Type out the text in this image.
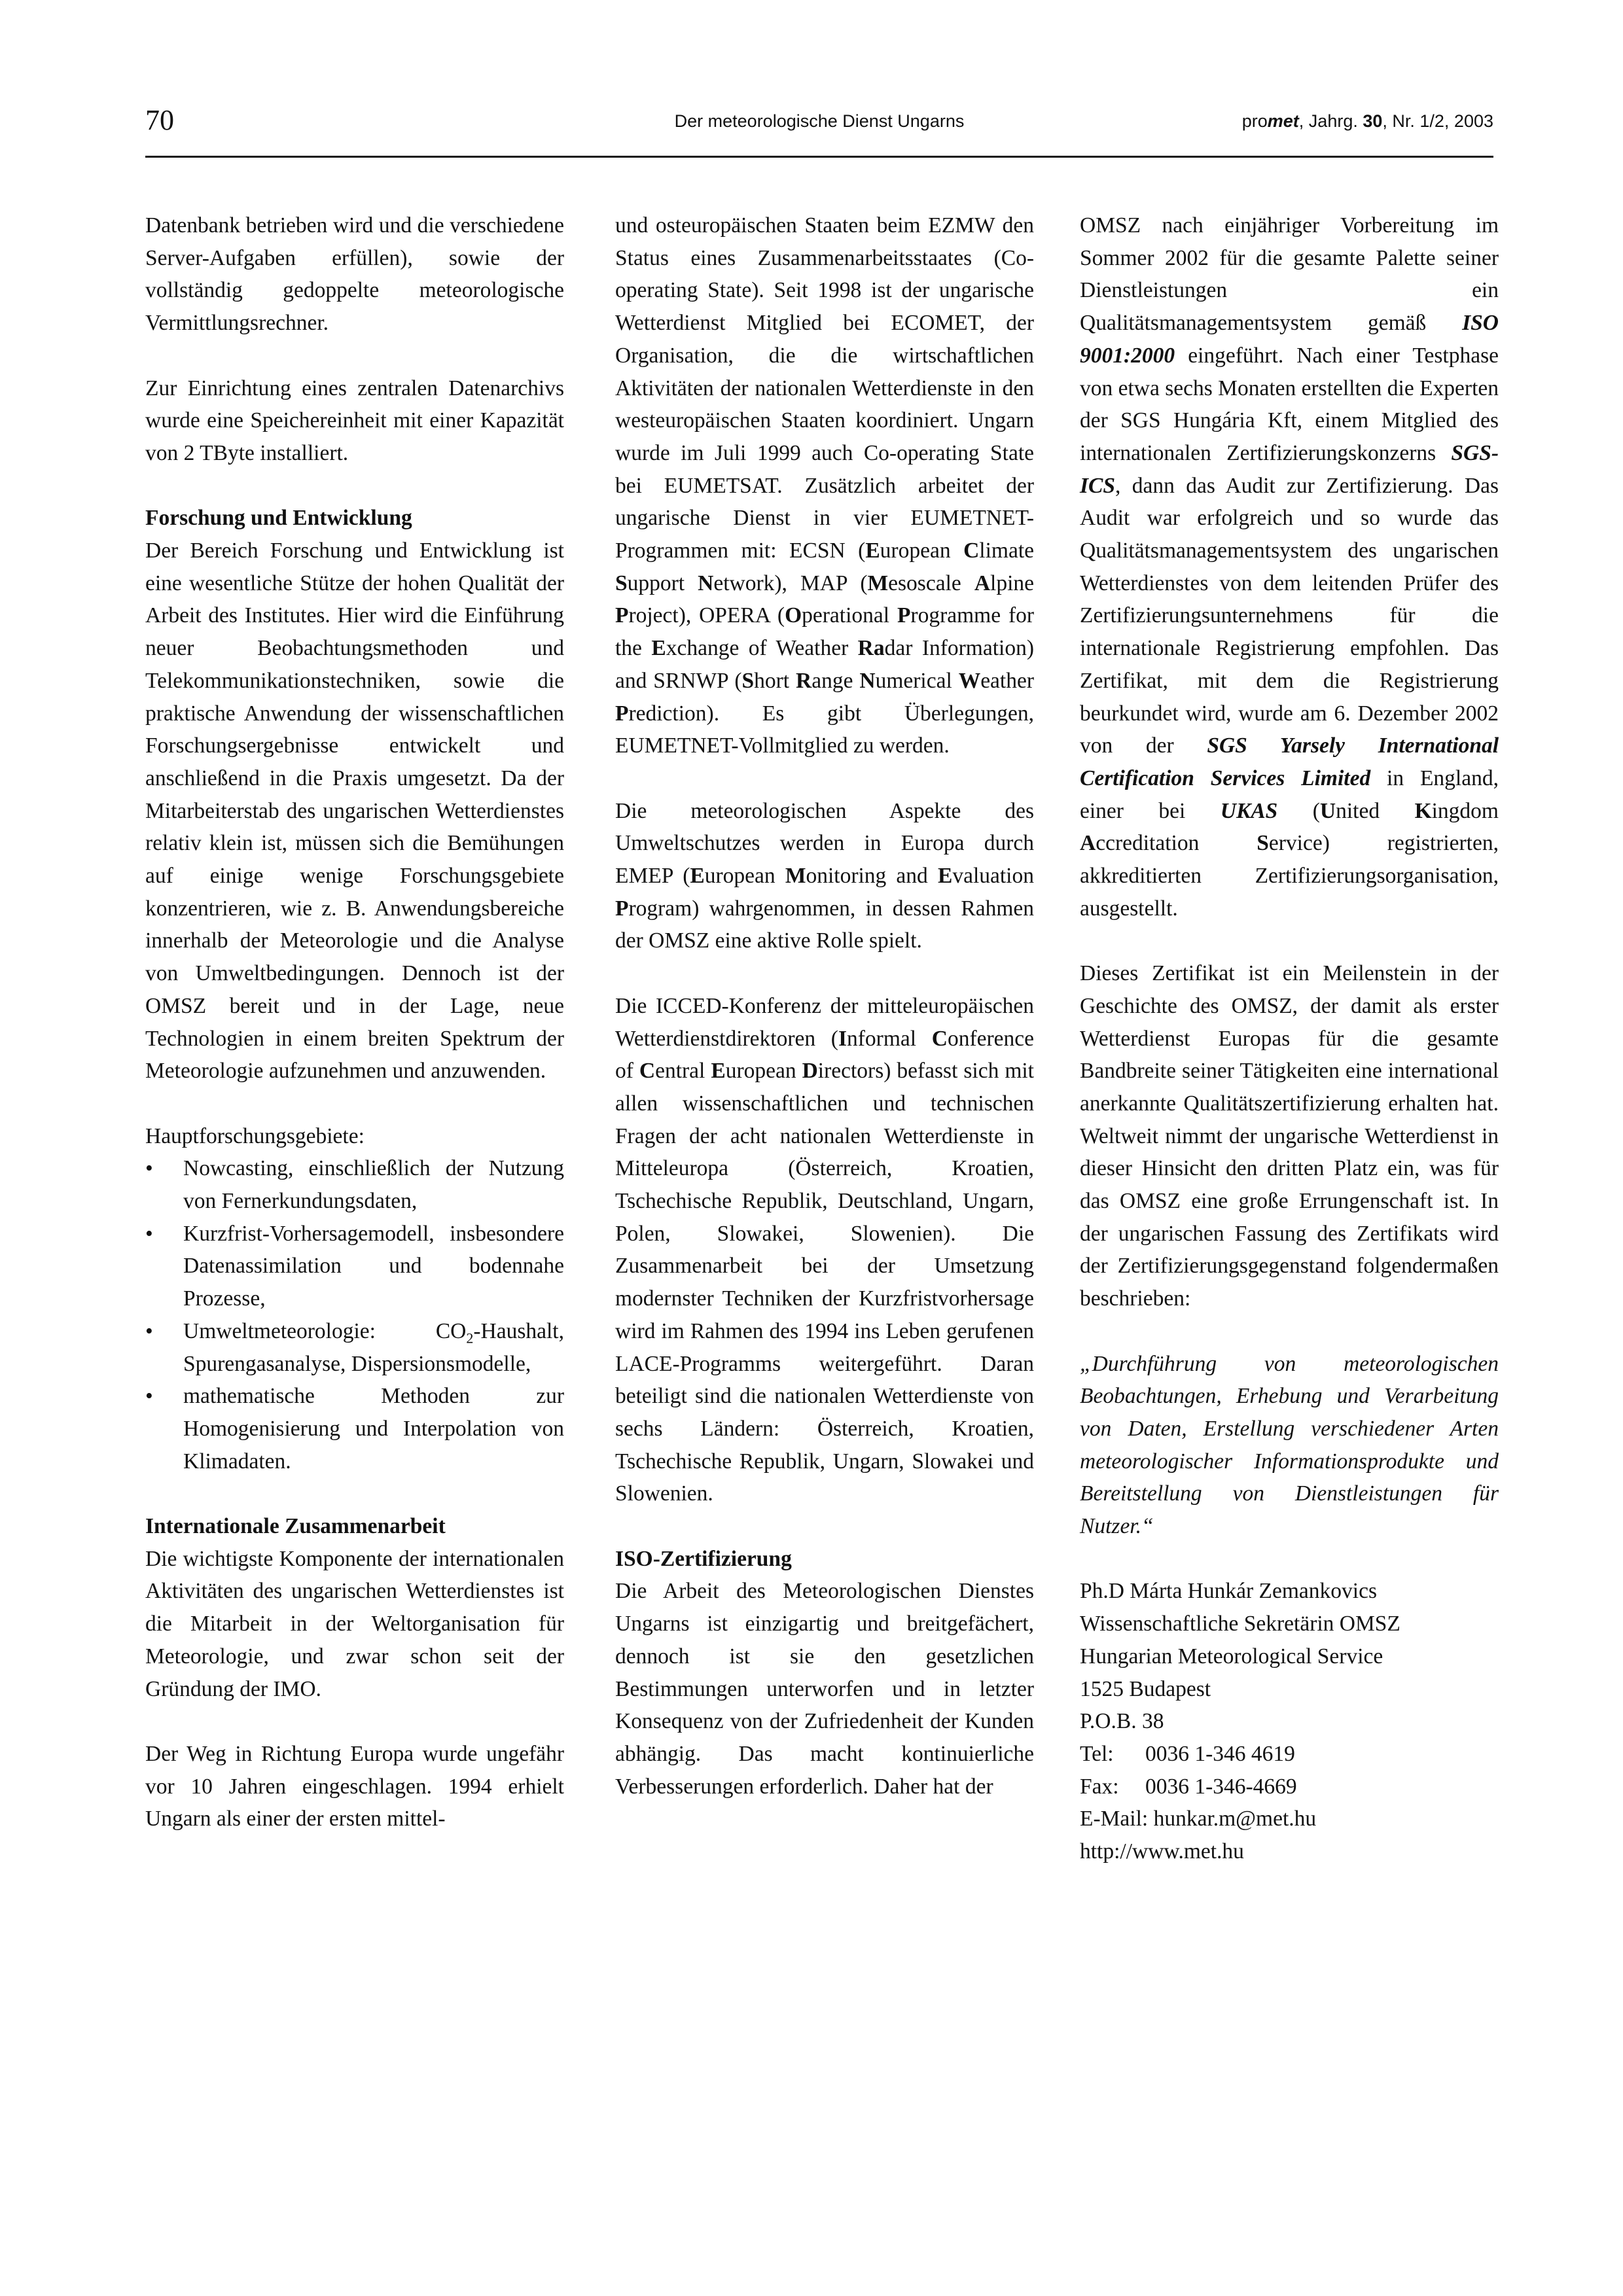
70	Der meteorologische Dienst Ungarns	promet, Jahrg. 30, Nr. 1/2, 2003

Datenbank betrieben wird und die verschiedene Server-Aufgaben erfüllen), sowie der vollständig gedoppelte meteorologische Vermittlungsrechner.

Zur Einrichtung eines zentralen Datenarchivs wurde eine Speichereinheit mit einer Kapazität von 2 TByte installiert.

Forschung und Entwicklung

Der Bereich Forschung und Entwicklung ist eine wesentliche Stütze der hohen Qualität der Arbeit des Institutes. Hier wird die Einführung neuer Beobachtungsmethoden und Telekommunikationstechniken, sowie die praktische Anwendung der wissenschaftlichen Forschungsergebnisse entwickelt und anschließend in die Praxis umgesetzt. Da der Mitarbeiterstab des ungarischen Wetterdienstes relativ klein ist, müssen sich die Bemühungen auf einige wenige Forschungsgebiete konzentrieren, wie z. B. Anwendungsbereiche innerhalb der Meteorologie und die Analyse von Umweltbedingungen. Dennoch ist der OMSZ bereit und in der Lage, neue Technologien in einem breiten Spektrum der Meteorologie aufzunehmen und anzuwenden.

Hauptforschungsgebiete:

• Nowcasting, einschließlich der Nutzung von Fernerkundungsdaten,
• Kurzfrist-Vorhersagemodell, insbesondere Datenassimilation und bodennahe Prozesse,
• Umweltmeteorologie: $CO_2$-Haushalt, Spurengasanalyse, Dispersionsmodelle,
• mathematische Methoden zur Homogenisierung und Interpolation von Klimadaten.
Internationale Zusammenarbeit

Die wichtigste Komponente der internationalen Aktivitäten des ungarischen Wetterdienstes ist die Mitarbeit in der Weltorganisation für Meteorologie, und zwar schon seit der Gründung der IMO.

Der Weg in Richtung Europa wurde ungefähr vor 10 Jahren eingeschlagen. 1994 erhielt Ungarn als einer der ersten mittel-

und osteuropäischen Staaten beim EZMW den Status eines Zusammenarbeitsstaates (Co-operating State). Seit 1998 ist der ungarische Wetterdienst Mitglied bei ECOMET, der Organisation, die die wirtschaftlichen Aktivitäten der nationalen Wetterdienste in den westeuropäischen Staaten koordiniert. Ungarn wurde im Juli 1999 auch Co-operating State bei EUMETSAT. Zusätzlich arbeitet der ungarische Dienst in vier EUMETNET-Programmen mit: ECSN (European Climate Support Network), MAP (Mesoscale Alpine Project), OPERA (Operational Programme for the Exchange of Weather Radar Information) and SRNWP (Short Range Numerical Weather Prediction). Es gibt Überlegungen, EUMETNET-Vollmitglied zu werden.

Die meteorologischen Aspekte des Umweltschutzes werden in Europa durch EMEP (European Monitoring and Evaluation Program) wahrgenommen, in dessen Rahmen der OMSZ eine aktive Rolle spielt.

Die ICCED-Konferenz der mitteleuropäischen Wetterdienstdirektoren (Informal Conference of Central European Directors) befasst sich mit allen wissenschaftlichen und technischen Fragen der acht nationalen Wetterdienste in Mitteleuropa (Österreich, Kroatien, Tschechische Republik, Deutschland, Ungarn, Polen, Slowakei, Slowenien). Die Zusammenarbeit bei der Umsetzung modernster Techniken der Kurzfristvorhersage wird im Rahmen des 1994 ins Leben gerufenen LACE-Programms weitergeführt. Daran beteiligt sind die nationalen Wetterdienste von sechs Ländern: Österreich, Kroatien, Tschechische Republik, Ungarn, Slowakei und Slowenien.

ISO-Zertifizierung

Die Arbeit des Meteorologischen Dienstes Ungarns ist einzigartig und breitgefächert, dennoch ist sie den gesetzlichen Bestimmungen unterworfen und in letzter Konsequenz von der Zufriedenheit der Kunden abhängig. Das macht kontinuierliche Verbesserungen erforderlich. Daher hat der

OMSZ nach einjähriger Vorbereitung im Sommer 2002 für die gesamte Palette seiner Dienstleistungen ein Qualitätsmanagementsystem gemäß ISO 9001:2000 eingeführt. Nach einer Testphase von etwa sechs Monaten erstellten die Experten der SGS Hungária Kft, einem Mitglied des internationalen Zertifizierungskonzerns SGS-ICS, dann das Audit zur Zertifizierung. Das Audit war erfolgreich und so wurde das Qualitätsmanagementsystem des ungarischen Wetterdienstes von dem leitenden Prüfer des Zertifizierungsunternehmens für die internationale Registrierung empfohlen. Das Zertifikat, mit dem die Registrierung beurkundet wird, wurde am 6. Dezember 2002 von der SGS Yarsely International Certification Services Limited in England, einer bei UKAS (United Kingdom Accreditation Service) registrierten, akkreditierten Zertifizierungsorganisation, ausgestellt.

Dieses Zertifikat ist ein Meilenstein in der Geschichte des OMSZ, der damit als erster Wetterdienst Europas für die gesamte Bandbreite seiner Tätigkeiten eine international anerkannte Qualitätszertifizierung erhalten hat. Weltweit nimmt der ungarische Wetterdienst in dieser Hinsicht den dritten Platz ein, was für das OMSZ eine große Errungenschaft ist. In der ungarischen Fassung des Zertifikats wird der Zertifizierungsgegenstand folgendermaßen beschrieben:

„Durchführung von meteorologischen Beobachtungen, Erhebung und Verarbeitung von Daten, Erstellung verschiedener Arten meteorologischer Informationsprodukte und Bereitstellung von Dienstleistungen für Nutzer.“

Ph.D Márta Hunkár Zemankovics
Wissenschaftliche Sekretärin OMSZ
Hungarian Meteorological Service
1525 Budapest
P.O.B. 38
Tel: 0036 1-346 4619
Fax: 0036 1-346-4669
E-Mail: hunkar.m@met.hu
http://www.met.hu
